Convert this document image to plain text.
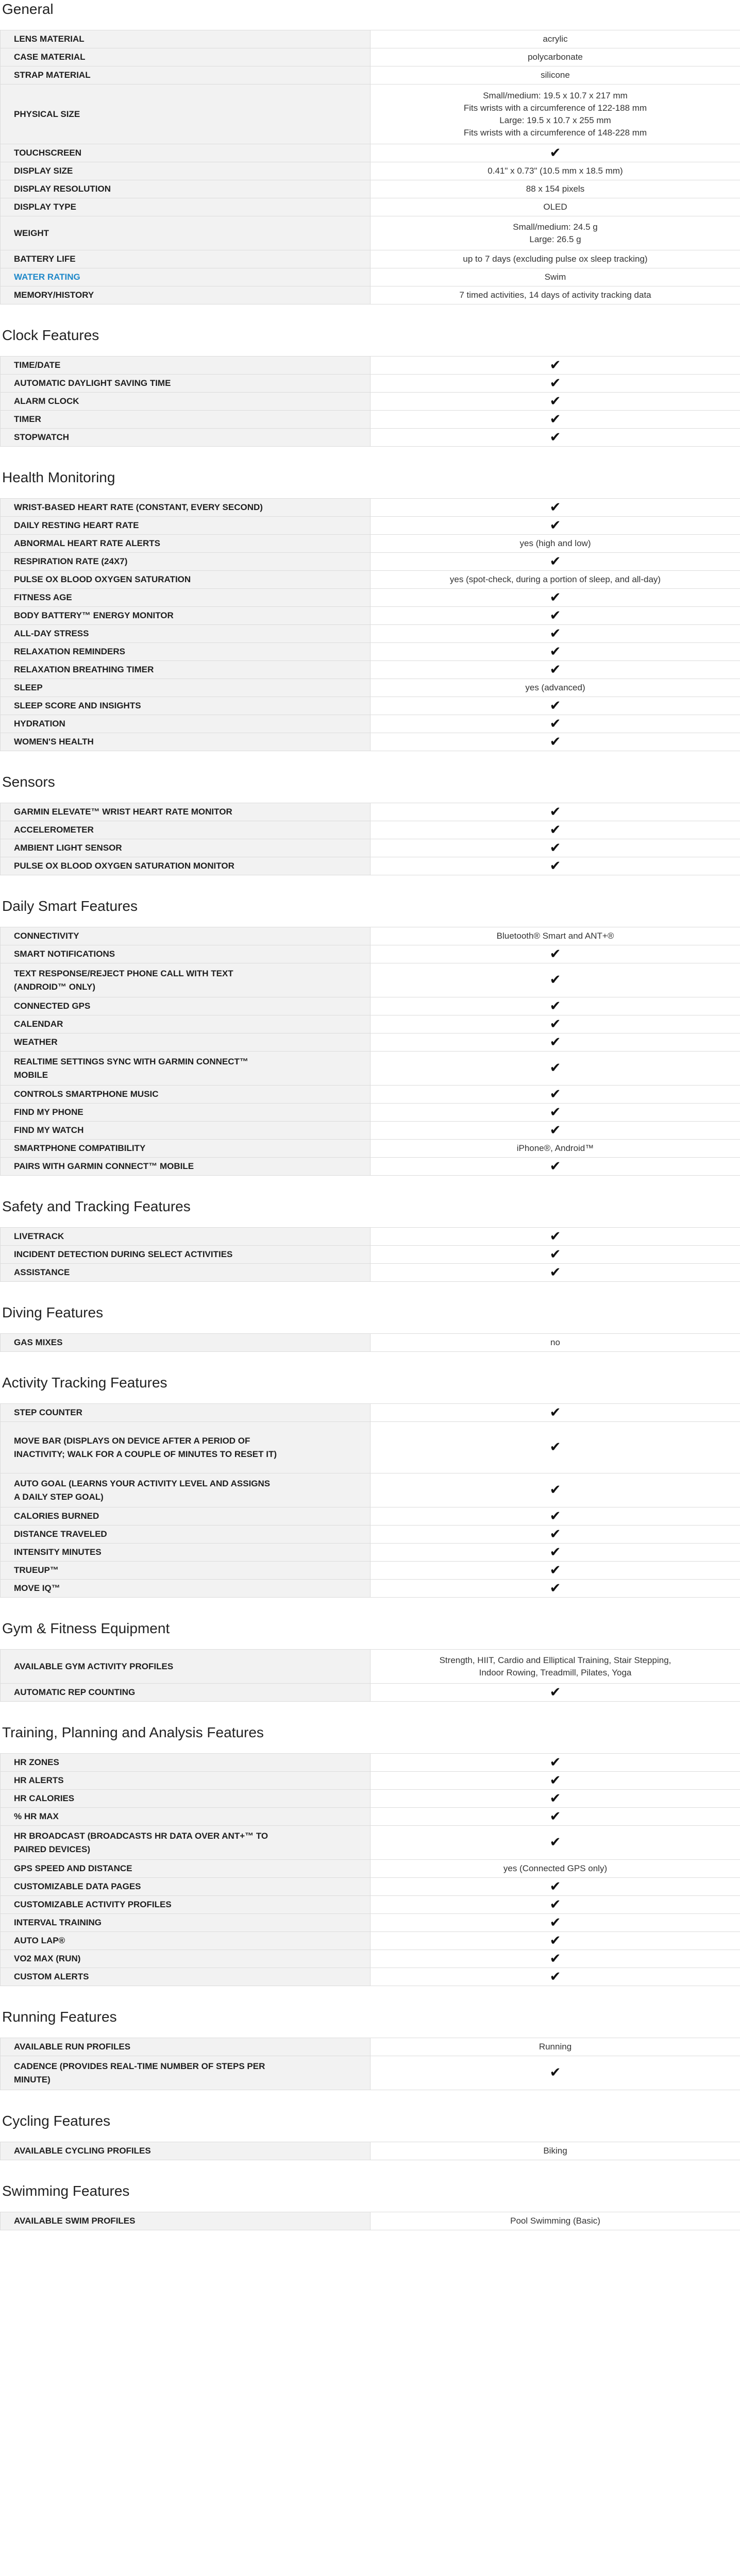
General
LENS MATERIAL	acrylic

CASE MATERIAL	polycarbonate

STRAP MATERIAL	silicone

PHYSICAL SIZE	Small/medium: 19.5 x 10.7 x 217 mm
Fits wrists with a circumference of 122-188 mm
Large: 19.5 x 10.7 x 255 mm
Fits wrists with a circumference of 148-228 mm

TOUCHSCREEN	✔
DISPLAY SIZE	0.41" x 0.73" (10.5 mm x 18.5 mm)

DISPLAY RESOLUTION	88 x 154 pixels

DISPLAY TYPE	OLED

WEIGHT	Small/medium: 24.5 g
Large: 26.5 g

BATTERY LIFE	up to 7 days (excluding pulse ox sleep tracking)

WATER RATING	Swim

MEMORY/HISTORY	7 timed activities, 14 days of activity tracking data
Clock Features
TIME/DATE	✔
AUTOMATIC DAYLIGHT SAVING TIME	✔
ALARM CLOCK	✔
TIMER	✔
STOPWATCH	✔
Health Monitoring
WRIST-BASED HEART RATE (CONSTANT, EVERY SECOND)	✔
DAILY RESTING HEART RATE	✔
ABNORMAL HEART RATE ALERTS	yes (high and low)

RESPIRATION RATE (24X7)	✔
PULSE OX BLOOD OXYGEN SATURATION	yes (spot-check, during a portion of sleep, and all-day)

FITNESS AGE	✔
BODY BATTERY™ ENERGY MONITOR	✔
ALL-DAY STRESS	✔
RELAXATION REMINDERS	✔
RELAXATION BREATHING TIMER	✔
SLEEP	yes (advanced)

SLEEP SCORE AND INSIGHTS	✔
HYDRATION	✔
WOMEN'S HEALTH	✔
Sensors
GARMIN ELEVATE™ WRIST HEART RATE MONITOR	✔
ACCELEROMETER	✔
AMBIENT LIGHT SENSOR	✔
PULSE OX BLOOD OXYGEN SATURATION MONITOR	✔
Daily Smart Features
CONNECTIVITY	Bluetooth® Smart and ANT+®

SMART NOTIFICATIONS	✔
TEXT RESPONSE/REJECT PHONE CALL WITH TEXT (ANDROID™ ONLY)	✔
CONNECTED GPS	✔
CALENDAR	✔
WEATHER	✔
REALTIME SETTINGS SYNC WITH GARMIN CONNECT™ MOBILE	✔
CONTROLS SMARTPHONE MUSIC	✔
FIND MY PHONE	✔
FIND MY WATCH	✔
SMARTPHONE COMPATIBILITY	iPhone®, Android™

PAIRS WITH GARMIN CONNECT™ MOBILE	✔
Safety and Tracking Features
LIVETRACK	✔
INCIDENT DETECTION DURING SELECT ACTIVITIES	✔
ASSISTANCE	✔
Diving Features
GAS MIXES	no
Activity Tracking Features
STEP COUNTER	✔
MOVE BAR (DISPLAYS ON DEVICE AFTER A PERIOD OF INACTIVITY; WALK FOR A COUPLE OF MINUTES TO RESET IT)	✔
AUTO GOAL (LEARNS YOUR ACTIVITY LEVEL AND ASSIGNS A DAILY STEP GOAL)	✔
CALORIES BURNED	✔
DISTANCE TRAVELED	✔
INTENSITY MINUTES	✔
TRUEUP™	✔
MOVE IQ™	✔
Gym & Fitness Equipment
AVAILABLE GYM ACTIVITY PROFILES	Strength, HIIT, Cardio and Elliptical Training, Stair Stepping,
Indoor Rowing, Treadmill, Pilates, Yoga

AUTOMATIC REP COUNTING	✔
Training, Planning and Analysis Features
HR ZONES	✔
HR ALERTS	✔
HR CALORIES	✔
% HR MAX	✔
HR BROADCAST (BROADCASTS HR DATA OVER ANT+™ TO PAIRED DEVICES)	✔
GPS SPEED AND DISTANCE	yes (Connected GPS only)

CUSTOMIZABLE DATA PAGES	✔
CUSTOMIZABLE ACTIVITY PROFILES	✔
INTERVAL TRAINING	✔
AUTO LAP®	✔
VO2 MAX (RUN)	✔
CUSTOM ALERTS	✔
Running Features
AVAILABLE RUN PROFILES	Running

CADENCE (PROVIDES REAL-TIME NUMBER OF STEPS PER MINUTE)	✔
Cycling Features
AVAILABLE CYCLING PROFILES	Biking
Swimming Features
AVAILABLE SWIM PROFILES	Pool Swimming (Basic)
